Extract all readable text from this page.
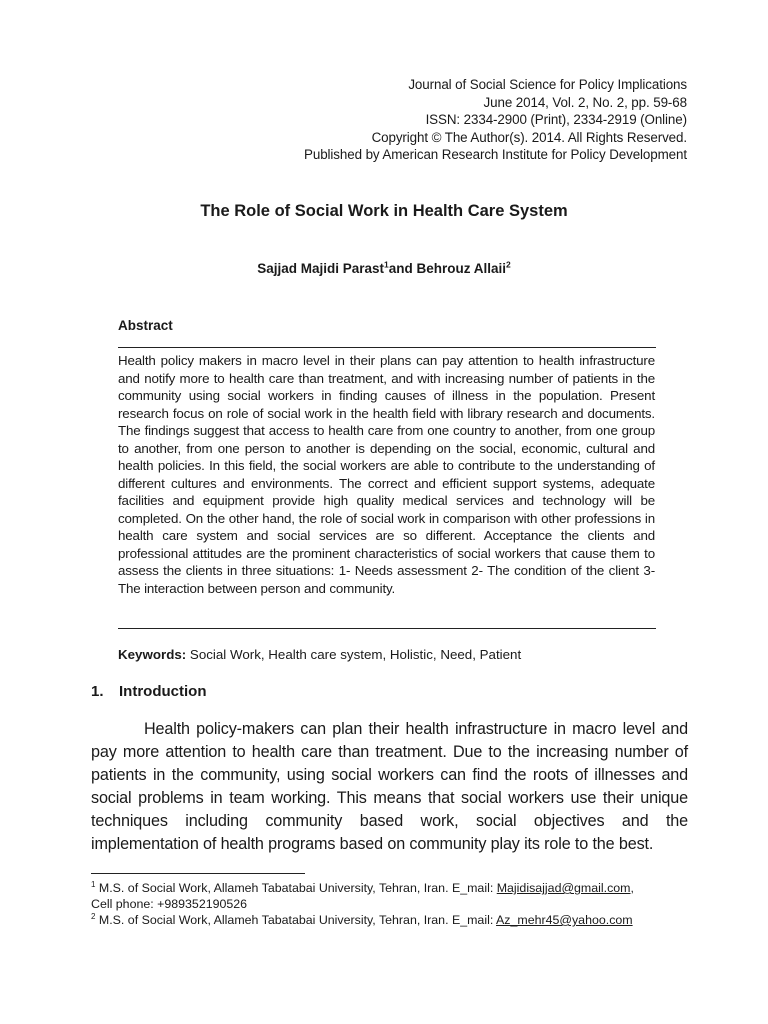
Journal of Social Science for Policy Implications
June 2014, Vol. 2, No. 2, pp. 59-68
ISSN: 2334-2900 (Print), 2334-2919 (Online)
Copyright © The Author(s). 2014. All Rights Reserved.
Published by American Research Institute for Policy Development
The Role of Social Work in Health Care System
Sajjad Majidi Parast$^1$and Behrouz Allaii$^2$
Abstract
Health policy makers in macro level in their plans can pay attention to health infrastructure and notify more to health care than treatment, and with increasing number of patients in the community using social workers in finding causes of illness in the population. Present research focus on role of social work in the health field with library research and documents. The findings suggest that access to health care from one country to another, from one group to another, from one person to another is depending on the social, economic, cultural and health policies. In this field, the social workers are able to contribute to the understanding of different cultures and environments. The correct and efficient support systems, adequate facilities and equipment provide high quality medical services and technology will be completed. On the other hand, the role of social work in comparison with other professions in health care system and social services are so different. Acceptance the clients and professional attitudes are the prominent characteristics of social workers that cause them to assess the clients in three situations: 1- Needs assessment 2- The condition of the client 3- The interaction between person and community.
Keywords: Social Work, Health care system, Holistic, Need, Patient
1. Introduction
Health policy-makers can plan their health infrastructure in macro level and pay more attention to health care than treatment. Due to the increasing number of patients in the community, using social workers can find the roots of illnesses and social problems in team working. This means that social workers use their unique techniques including community based work, social objectives and the implementation of health programs based on community play its role to the best.
$^1$ M.S. of Social Work, Allameh Tabatabai University, Tehran, Iran. E_mail: Majidisajjad@gmail.com,
Cell phone: +989352190526
$^2$ M.S. of Social Work, Allameh Tabatabai University, Tehran, Iran. E_mail: Az_mehr45@yahoo.com
